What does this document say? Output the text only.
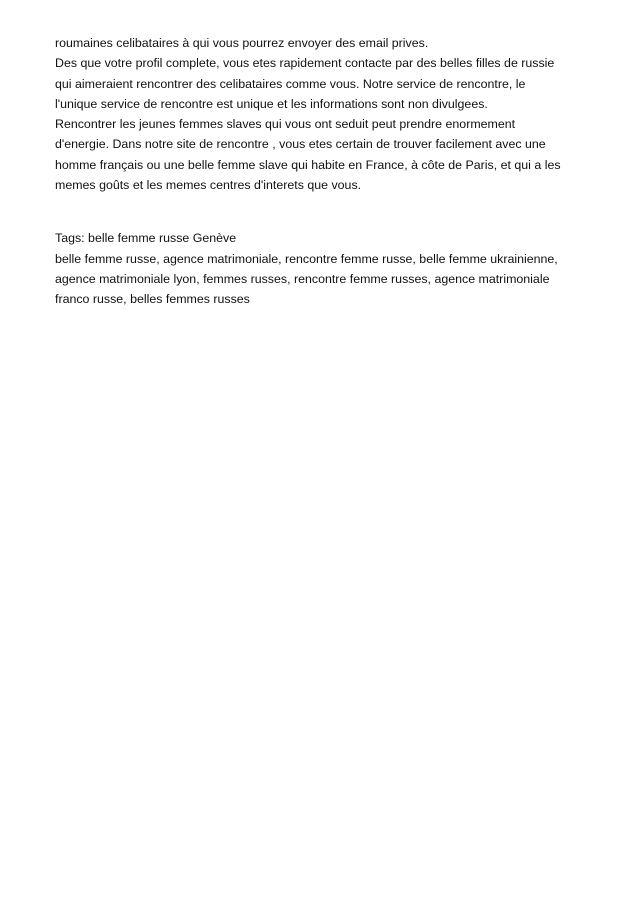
roumaines celibataires à qui vous pourrez envoyer des email prives.
Des que votre profil complete, vous etes rapidement contacte par des belles filles de russie
qui aimeraient rencontrer des celibataires comme vous. Notre service de rencontre, le
l'unique service de rencontre est unique et les informations sont non divulgees.
Rencontrer les jeunes femmes slaves qui vous ont seduit peut prendre enormement
d'energie. Dans notre site de rencontre , vous etes certain de trouver facilement avec une
homme français ou une belle femme slave qui habite en France, à côte de Paris, et qui a les
memes goûts et les memes centres d'interets que vous.
Tags: belle femme russe Genève
belle femme russe, agence matrimoniale, rencontre femme russe, belle femme ukrainienne,
agence matrimoniale lyon, femmes russes, rencontre femme russes, agence matrimoniale
franco russe, belles femmes russes
